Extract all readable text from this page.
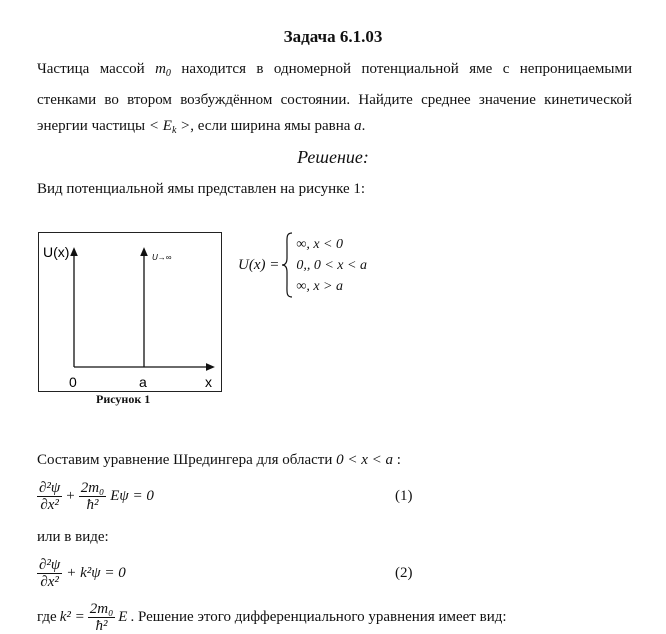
Задача 6.1.03
Частица массой $m_0$ находится в одномерной потенциальной яме с непроницаемыми стенками во втором возбуждённом состоянии. Найдите среднее значение кинетической энергии частицы < $E_k$ >, если ширина ямы равна a.
Решение:
Вид потенциальной ямы представлен на рисунке 1:
U(x)	U→∞
0	a	x
Рисунок 1
U(x) =
∞, x < 0
0,, 0 < x < a
∞, x > a
Составим уравнение Шредингера для области 0 < x < a :
$\frac{\text{∂²ψ}}{\text{∂x²}} + \frac{\text{2m₀}}{\text{ħ²}}$ Eψ = 0	(1)
или в виде:
$\frac{\text{∂²ψ}}{\text{∂x²}} + k^2\psi = 0$	(2)
где $k^2 = \frac{\text{2m₀}}{\text{ħ²}}$ E . Решение этого дифференциального уравнения имеет вид:
